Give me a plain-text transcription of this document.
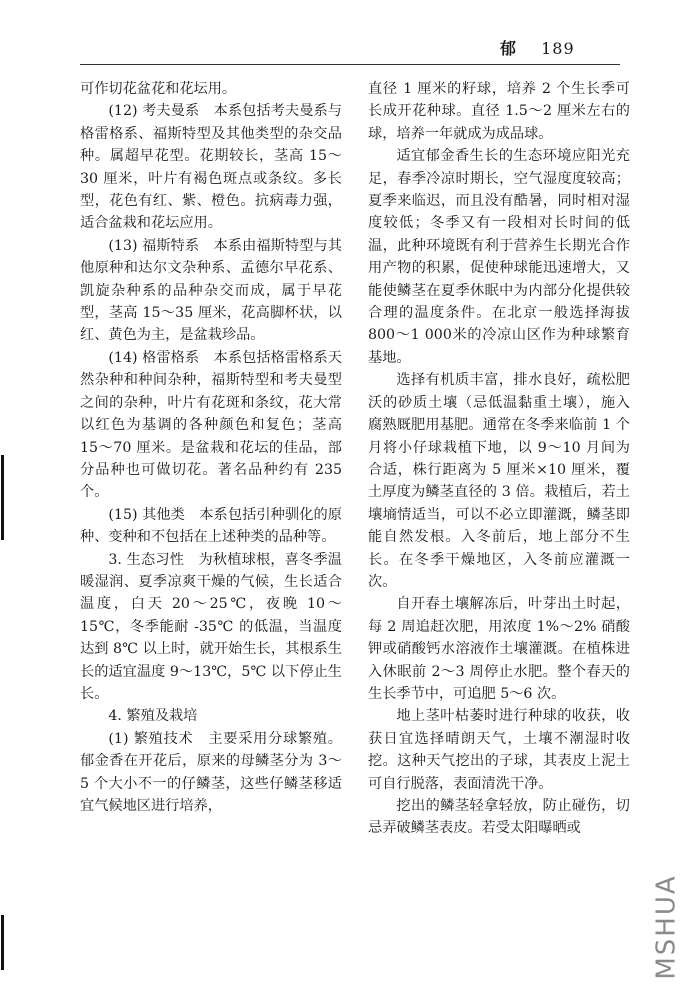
郁 189

可作切花盆花和花坛用。

(12) 考夫曼系　本系包括考夫曼系与格雷格系、福斯特型及其他类型的杂交品种。属超早花型。花期较长，茎高 15～30 厘米，叶片有褐色斑点或条纹。多长型，花色有红、紫、橙色。抗病毒力强，适合盆栽和花坛应用。

(13) 福斯特系　本系由福斯特型与其他原种和达尔文杂种系、孟德尔早花系、凯旋杂种系的品种杂交而成，属于早花型，茎高 15～35 厘米，花高脚杯状，以红、黄色为主，是盆栽珍品。

(14) 格雷格系　本系包括格雷格系天然杂种和种间杂种，福斯特型和考夫曼型之间的杂种，叶片有花斑和条纹，花大常以红色为基调的各种颜色和复色；茎高 15～70 厘米。是盆栽和花坛的佳品，部分品种也可做切花。著名品种约有 235 个。

(15) 其他类　本系包括引种驯化的原种、变种和不包括在上述种类的品种等。

3. 生态习性　为秋植球根，喜冬季温暖湿润、夏季凉爽干燥的气候，生长适合温度，白天 20～25℃，夜晚 10～15℃，冬季能耐 -35℃ 的低温，当温度达到 8℃ 以上时，就开始生长，其根系生长的适宜温度 9～13℃，5℃ 以下停止生长。

4. 繁殖及栽培

(1) 繁殖技术　主要采用分球繁殖。郁金香在开花后，原来的母鳞茎分为 3～5 个大小不一的仔鳞茎，这些仔鳞茎移适宜气候地区进行培养，

直径 1 厘米的籽球，培养 2 个生长季可长成开花种球。直径 1.5～2 厘米左右的球，培养一年就成为成品球。

适宜郁金香生长的生态环境应阳光充足，春季冷凉时期长，空气湿度度较高；夏季来临迟，而且没有酷暑，同时相对湿度较低；冬季又有一段相对长时间的低温，此种环境既有利于营养生长期光合作用产物的积累，促使种球能迅速增大，又能使鳞茎在夏季休眠中为内部分化提供较合理的温度条件。在北京一般选择海拔 800～1 000米的冷凉山区作为种球繁育基地。

选择有机质丰富，排水良好，疏松肥沃的砂质土壤（忌低温黏重土壤），施入腐熟厩肥用基肥。通常在冬季来临前 1 个月将小仔球栽植下地，以 9～10 月间为合适，株行距离为 5 厘米×10 厘米，覆土厚度为鳞茎直径的 3 倍。栽植后，若土壤墒情适当，可以不必立即灌溉，鳞茎即能自然发根。入冬前后，地上部分不生长。在冬季干燥地区，入冬前应灌溉一次。

自开春土壤解冻后，叶芽出土时起，每 2 周追赶次肥，用浓度 1%～2% 硝酸钾或硝酸钙水溶液作土壤灌溉。在植株进入休眠前 2～3 周停止水肥。整个春天的生长季节中，可追肥 5～6 次。

地上茎叶枯萎时进行种球的收获，收获日宜选择晴朗天气，土壤不潮湿时收挖。这种天气挖出的子球，其表皮上泥土可自行脱落，表面清洗干净。

挖出的鳞茎轻拿轻放，防止碰伤，切忌弄破鳞茎表皮。若受太阳曝晒或

MSHUA
